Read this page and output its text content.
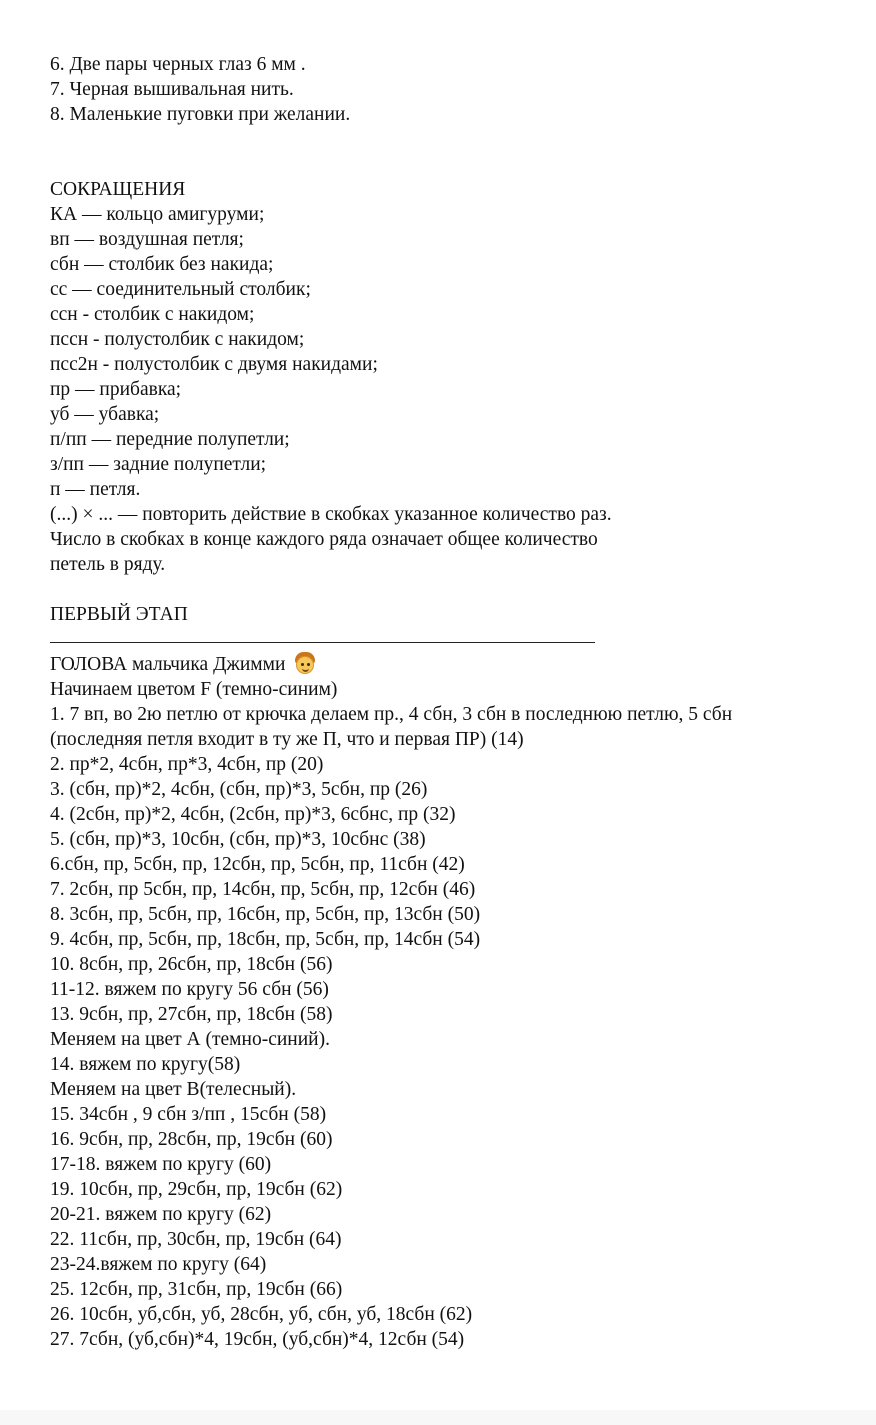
6. Две пары черных глаз 6 мм .
7. Черная вышивальная нить.
8. Маленькие пуговки при желании.
СОКРАЩЕНИЯ
КА — кольцо амигуруми;
вп — воздушная петля;
сбн — столбик без накида;
сс — соединительный столбик;
ссн - столбик с накидом;
пссн - полустолбик с накидом;
псс2н - полустолбик с двумя накидами;
пр — прибавка;
уб — убавка;
п/пп — передние полупетли;
з/пп — задние полупетли;
п — петля.
(...) × ... — повторить действие в скобках указанное количество раз.
Число в скобках в конце каждого ряда означает общее количество
петель в ряду.
ПЕРВЫЙ ЭТАП
ГОЛОВА мальчика Джимми
Начинаем цветом F (темно-синим)
1. 7 вп, во 2ю петлю от крючка делаем пр., 4 сбн, 3 сбн в последнюю петлю, 5 сбн
(последняя петля входит в ту же П, что и первая ПР) (14)
2. пр*2, 4сбн, пр*3, 4сбн, пр (20)
3. (сбн, пр)*2, 4сбн, (сбн, пр)*3, 5сбн, пр (26)
4. (2сбн, пр)*2, 4сбн, (2сбн, пр)*3, 6сбнс, пр (32)
5. (сбн, пр)*3, 10сбн, (сбн, пр)*3, 10сбнс (38)
6.сбн, пр, 5сбн, пр, 12сбн, пр, 5сбн, пр, 11сбн (42)
7. 2сбн, пр 5сбн, пр, 14сбн, пр, 5сбн, пр, 12сбн (46)
8. 3сбн, пр, 5сбн, пр, 16сбн, пр, 5сбн, пр, 13сбн (50)
9. 4сбн, пр, 5сбн, пр, 18сбн, пр, 5сбн, пр, 14сбн (54)
10. 8сбн, пр, 26сбн, пр, 18сбн (56)
11-12. вяжем по кругу 56 сбн (56)
13. 9сбн, пр, 27сбн, пр, 18сбн (58)
Меняем на цвет А (темно-синий).
14. вяжем по кругу(58)
Меняем на цвет В(телесный).
15. 34сбн , 9 сбн з/пп , 15сбн (58)
16. 9сбн, пр, 28сбн, пр, 19сбн (60)
17-18. вяжем по кругу (60)
19. 10сбн, пр, 29сбн, пр, 19сбн (62)
20-21. вяжем по кругу (62)
22. 11сбн, пр, 30сбн, пр, 19сбн (64)
23-24.вяжем по кругу (64)
25. 12сбн, пр, 31сбн, пр, 19сбн (66)
26. 10сбн, уб,сбн, уб, 28сбн, уб, сбн, уб, 18сбн (62)
27. 7сбн, (уб,сбн)*4, 19сбн, (уб,сбн)*4, 12сбн (54)
